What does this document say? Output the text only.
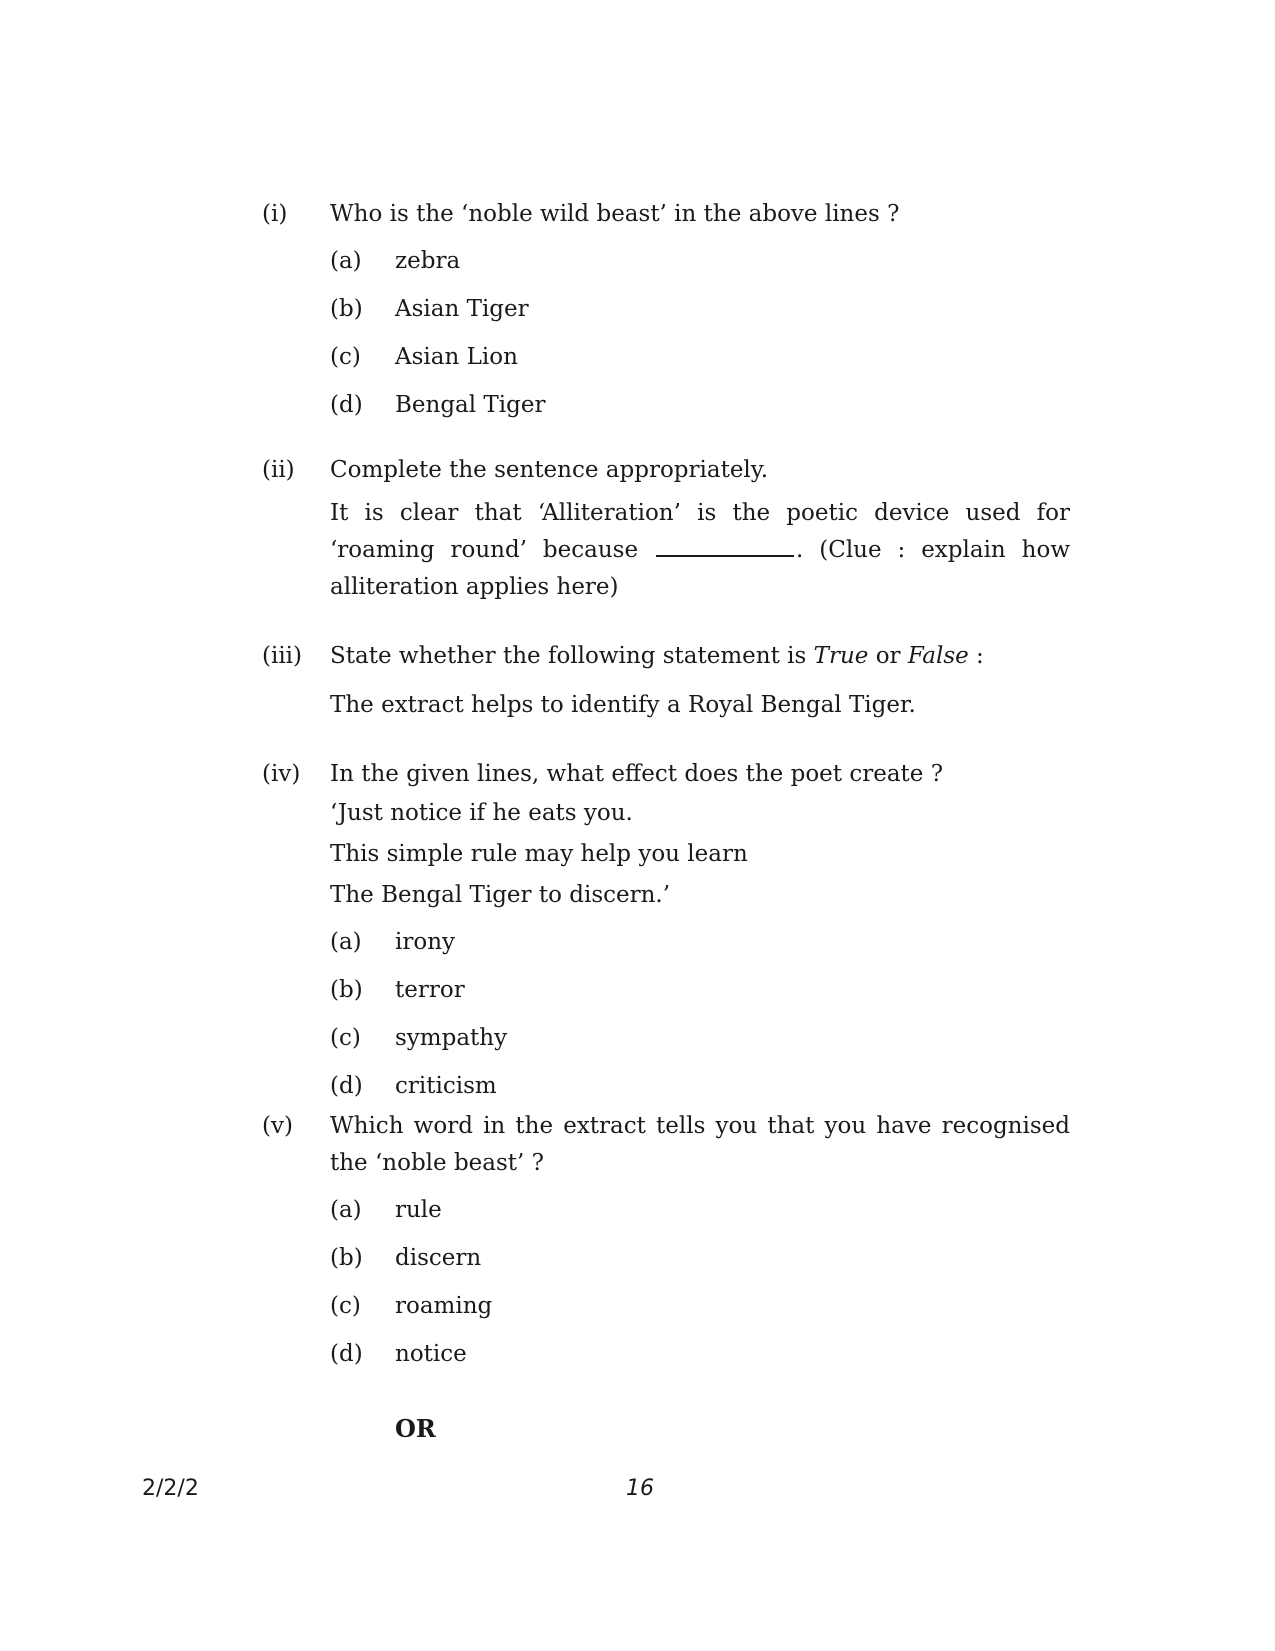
(i) Who is the ‘noble wild beast’ in the above lines ?
(a) zebra
(b) Asian Tiger
(c) Asian Lion
(d) Bengal Tiger
(ii) Complete the sentence appropriately.
It is clear that ‘Alliteration’ is the poetic device used for ‘roaming round’ because	. (Clue : explain how alliteration applies here)
(iii) State whether the following statement is True or False :
The extract helps to identify a Royal Bengal Tiger.
(iv) In the given lines, what effect does the poet create ?
‘Just notice if he eats you.
This simple rule may help you learn
The Bengal Tiger to discern.’
(a) irony
(b) terror
(c) sympathy
(d) criticism
(v) Which word in the extract tells you that you have recognised the ‘noble beast’ ?
(a) rule
(b) discern
(c) roaming
(d) notice
OR
2/2/2	16
